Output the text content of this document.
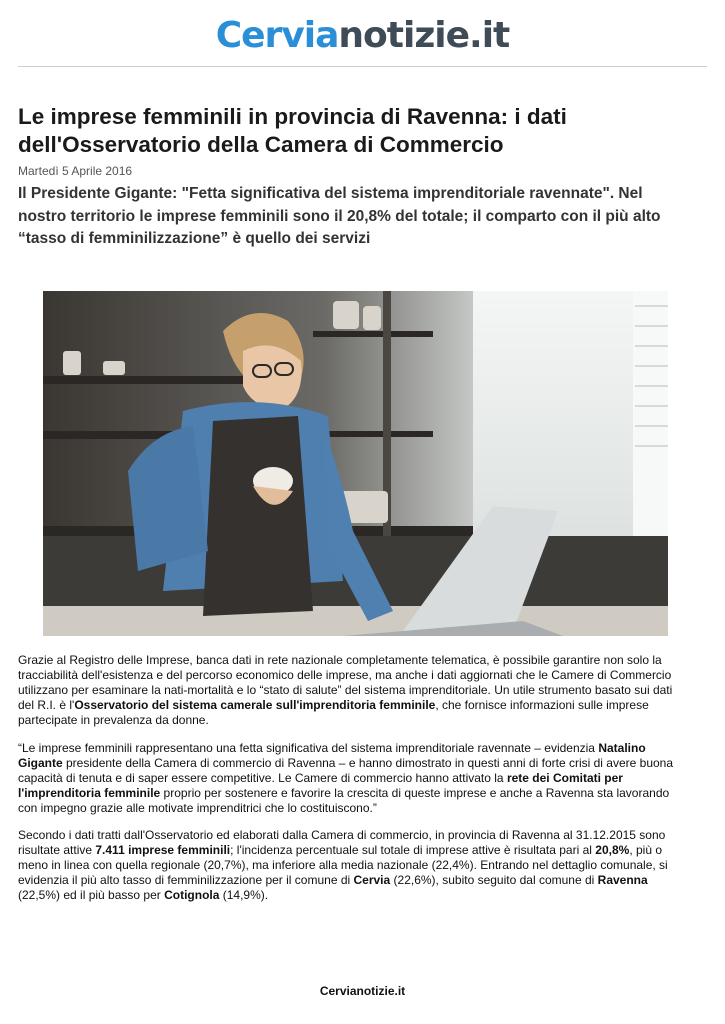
Cervianotizie.it
Le imprese femminili in provincia di Ravenna: i dati dell'Osservatorio della Camera di Commercio
Martedì 5 Aprile 2016
Il Presidente Gigante: "Fetta significativa del sistema imprenditoriale ravennate". Nel nostro territorio le imprese femminili sono il 20,8% del totale; il comparto con il più alto “tasso di femminilizzazione” è quello dei servizi

Grazie al Registro delle Imprese, banca dati in rete nazionale completamente telematica, è possibile garantire non solo la tracciabilità dell'esistenza e del percorso economico delle imprese, ma anche i dati aggiornati che le Camere di Commercio utilizzano per esaminare la nati-mortalità e lo “stato di salute” del sistema imprenditoriale. Un utile strumento basato sui dati del R.I. è l'Osservatorio del sistema camerale sull'imprenditoria femminile, che fornisce informazioni sulle imprese partecipate in prevalenza da donne.

“Le imprese femminili rappresentano una fetta significativa del sistema imprenditoriale ravennate – evidenzia Natalino Gigante presidente della Camera di commercio di Ravenna – e hanno dimostrato in questi anni di forte crisi di avere buona capacità di tenuta e di saper essere competitive. Le Camere di commercio hanno attivato la rete dei Comitati per l'imprenditoria femminile proprio per sostenere e favorire la crescita di queste imprese e anche a Ravenna sta lavorando con impegno grazie alle motivate imprenditrici che lo costituiscono.”

Secondo i dati tratti dall'Osservatorio ed elaborati dalla Camera di commercio, in provincia di Ravenna al 31.12.2015 sono risultate attive 7.411 imprese femminili; l'incidenza percentuale sul totale di imprese attive è risultata pari al 20,8%, più o meno in linea con quella regionale (20,7%), ma inferiore alla media nazionale (22,4%). Entrando nel dettaglio comunale, si evidenzia il più alto tasso di femminilizzazione per il comune di Cervia (22,6%), subito seguito dal comune di Ravenna (22,5%) ed il più basso per Cotignola (14,9%).

Cervianotizie.it
